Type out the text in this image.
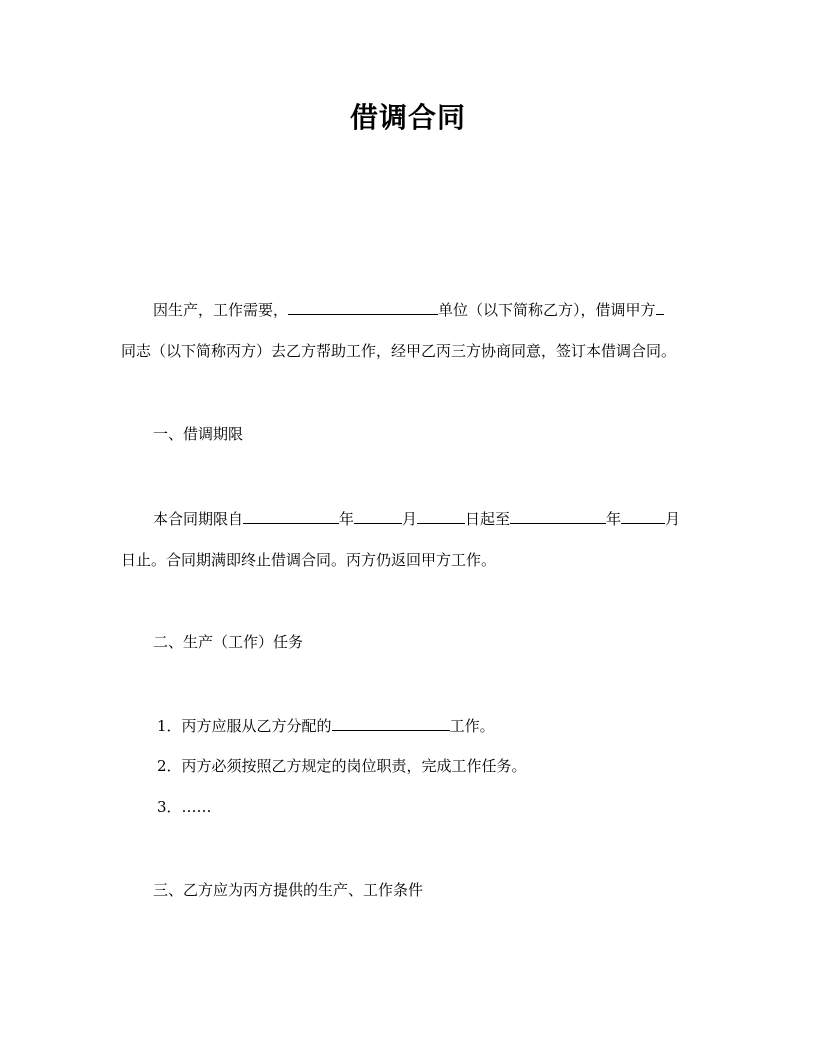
借调合同
因生产，工作需要，	单位（以下简称乙方），借调甲方
同志（以下简称丙方）去乙方帮助工作，经甲乙丙三方协商同意，签订本借调合同。
一、借调期限
本合同期限自	年	月	日起至	年	月
日止。合同期满即终止借调合同。丙方仍返回甲方工作。
二、生产（工作）任务
1．丙方应服从乙方分配的	工作。
2．丙方必须按照乙方规定的岗位职责，完成工作任务。
3．……
三、乙方应为丙方提供的生产、工作条件
